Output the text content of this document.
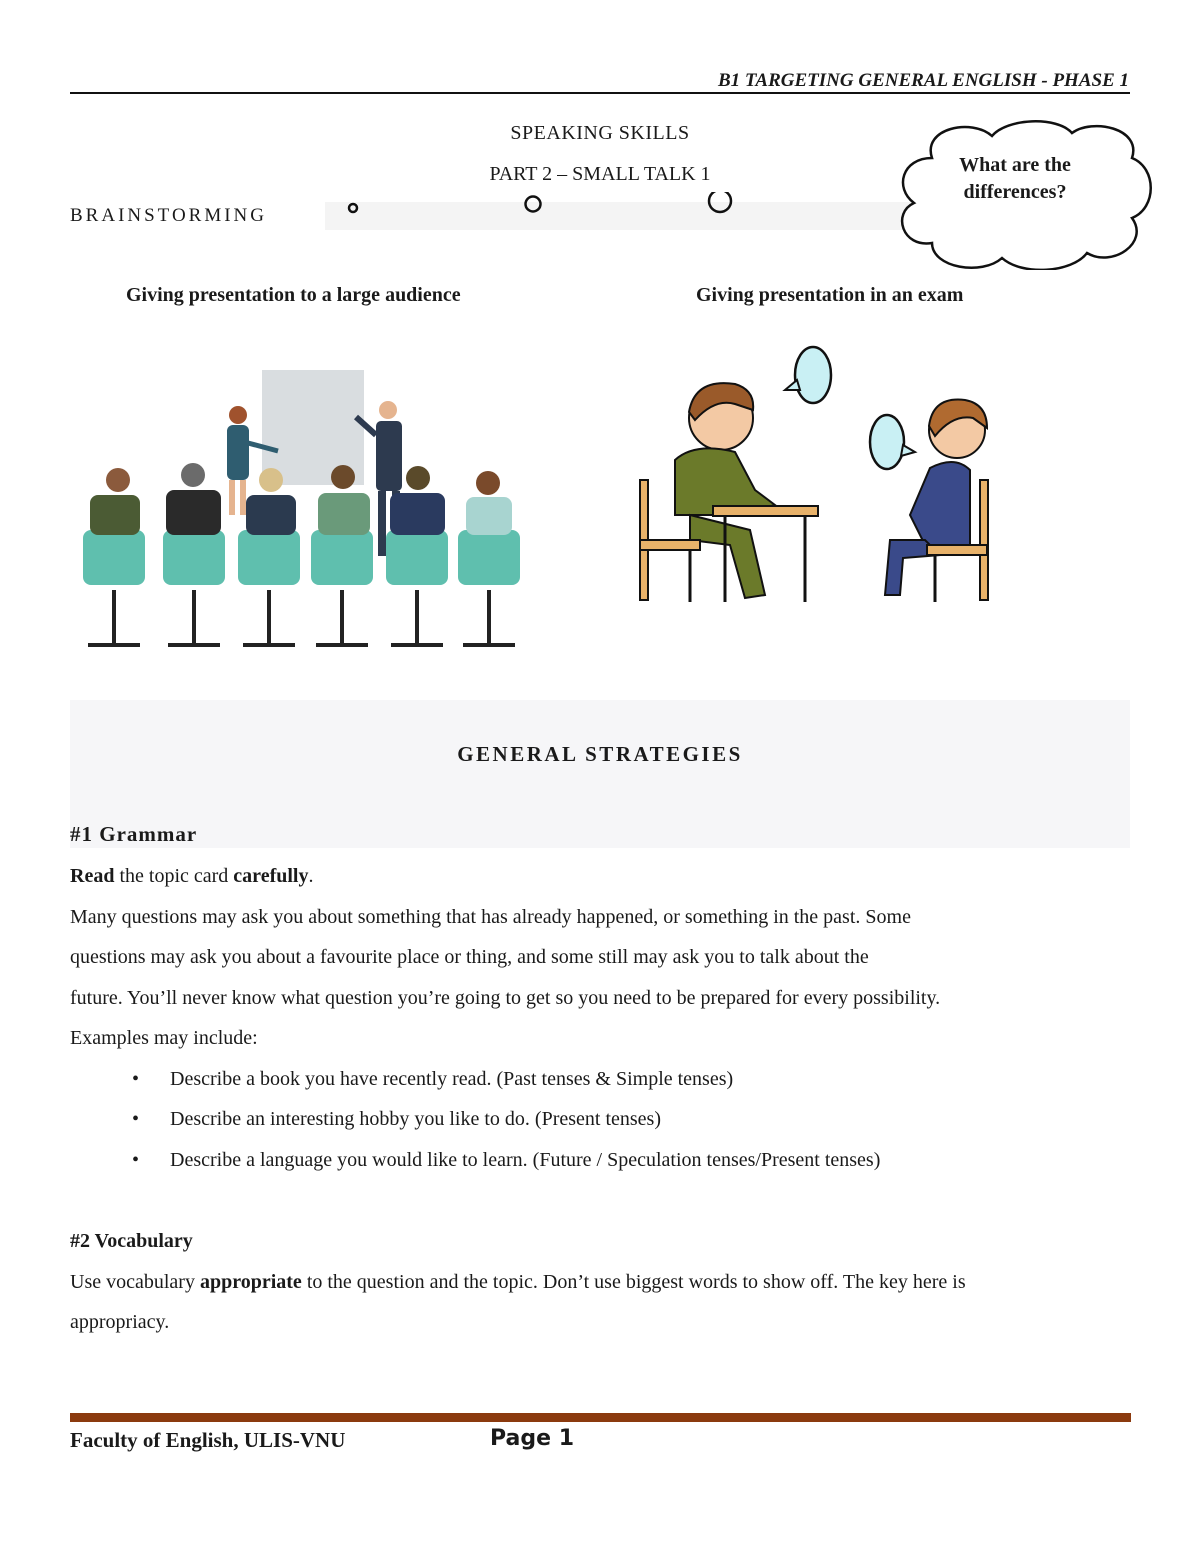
B1 TARGETING GENERAL ENGLISH - PHASE 1
SPEAKING SKILLS
PART 2 – SMALL TALK 1
BRAINSTORMING
What are the
differences?
Giving presentation to a large audience	Giving presentation in an exam
GENERAL STRATEGIES
#1 Grammar
Read the topic card carefully.
Many questions may ask you about something that has already happened, or something in the past. Some
questions may ask you about a favourite place or thing, and some still may ask you to talk about the
future. You’ll never know what question you’re going to get so you need to be prepared for every possibility.
Examples may include:
• Describe a book you have recently read. (Past tenses & Simple tenses)
• Describe an interesting hobby you like to do. (Present tenses)
• Describe a language you would like to learn. (Future / Speculation tenses/Present tenses)
#2 Vocabulary
Use vocabulary appropriate to the question and the topic. Don’t use biggest words to show off. The key here is
appropriacy.
Faculty of English, ULIS-VNU	Page 1
